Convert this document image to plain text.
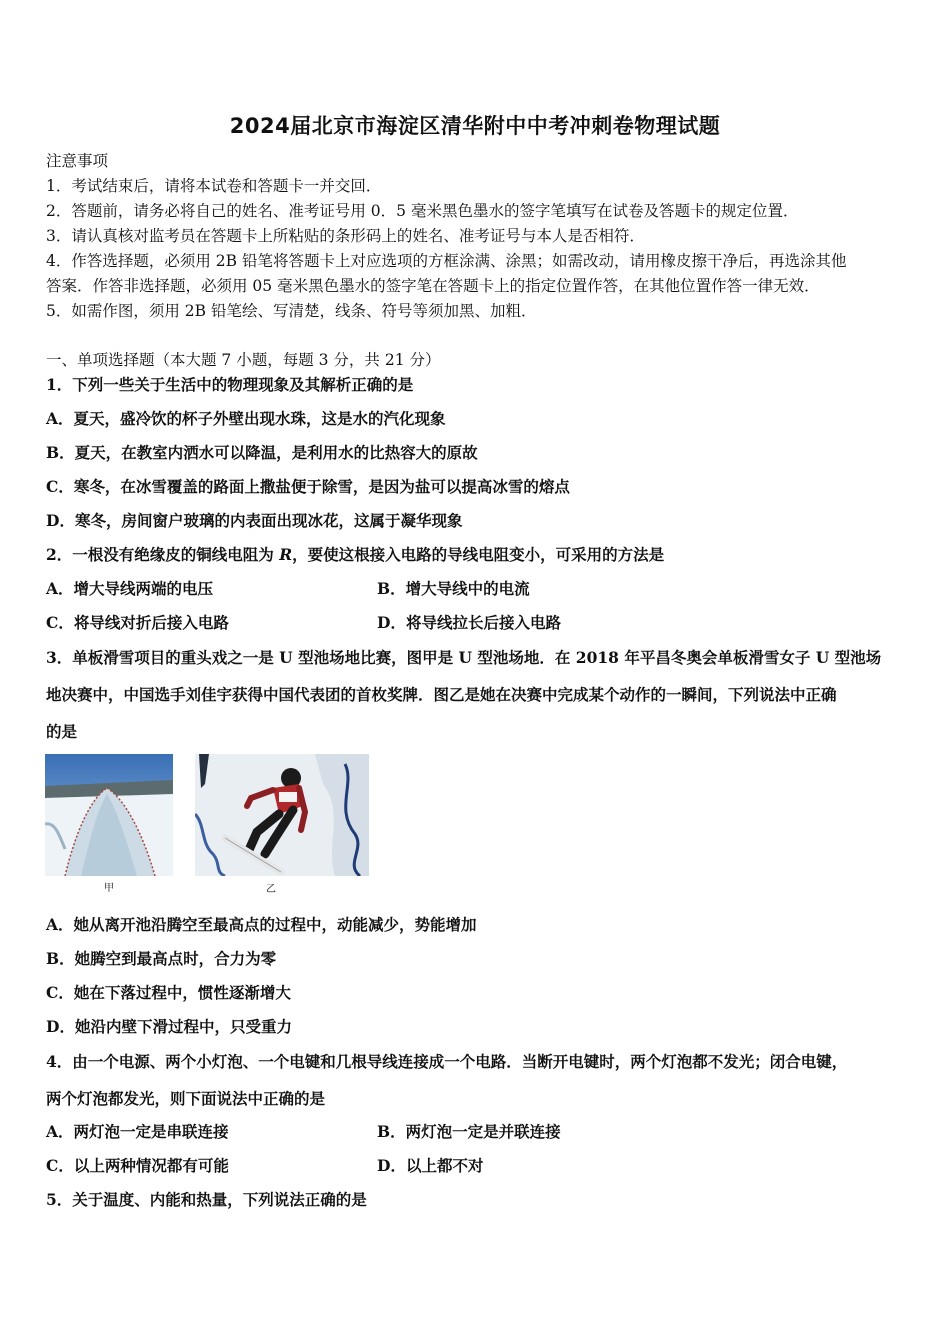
2024届北京市海淀区清华附中中考冲刺卷物理试题
注意事项
1．考试结束后，请将本试卷和答题卡一并交回．
2．答题前，请务必将自己的姓名、准考证号用 0．5 毫米黑色墨水的签字笔填写在试卷及答题卡的规定位置．
3．请认真核对监考员在答题卡上所粘贴的条形码上的姓名、准考证号与本人是否相符．
4．作答选择题，必须用 2B 铅笔将答题卡上对应选项的方框涂满、涂黑；如需改动，请用橡皮擦干净后，再选涂其他
答案．作答非选择题，必须用 05 毫米黑色墨水的签字笔在答题卡上的指定位置作答，在其他位置作答一律无效．
5．如需作图，须用 2B 铅笔绘、写清楚，线条、符号等须加黑、加粗．
一、单项选择题（本大题 7 小题，每题 3 分，共 21 分）
1．下列一些关于生活中的物理现象及其解析正确的是
A．夏天，盛冷饮的杯子外壁出现水珠，这是水的汽化现象
B．夏天，在教室内洒水可以降温，是利用水的比热容大的原故
C．寒冬，在冰雪覆盖的路面上撒盐便于除雪，是因为盐可以提高冰雪的熔点
D．寒冬，房间窗户玻璃的内表面出现冰花，这属于凝华现象
2．一根没有绝缘皮的铜线电阻为 R，要使这根接入电路的导线电阻变小，可采用的方法是
A．增大导线两端的电压	B．增大导线中的电流
C．将导线对折后接入电路	D．将导线拉长后接入电路
3．单板滑雪项目的重头戏之一是 U 型池场地比赛，图甲是 U 型池场地．在 2018 年平昌冬奥会单板滑雪女子 U 型池场
地决赛中，中国选手刘佳宇获得中国代表团的首枚奖牌．图乙是她在决赛中完成某个动作的一瞬间，下列说法中正确
的是
甲	乙
A．她从离开池沿腾空至最高点的过程中，动能减少，势能增加
B．她腾空到最高点时，合力为零
C．她在下落过程中，惯性逐渐增大
D．她沿内壁下滑过程中，只受重力
4．由一个电源、两个小灯泡、一个电键和几根导线连接成一个电路．当断开电键时，两个灯泡都不发光；闭合电键，
两个灯泡都发光，则下面说法中正确的是
A．两灯泡一定是串联连接	B．两灯泡一定是并联连接
C．以上两种情况都有可能	D．以上都不对
5．关于温度、内能和热量，下列说法正确的是
